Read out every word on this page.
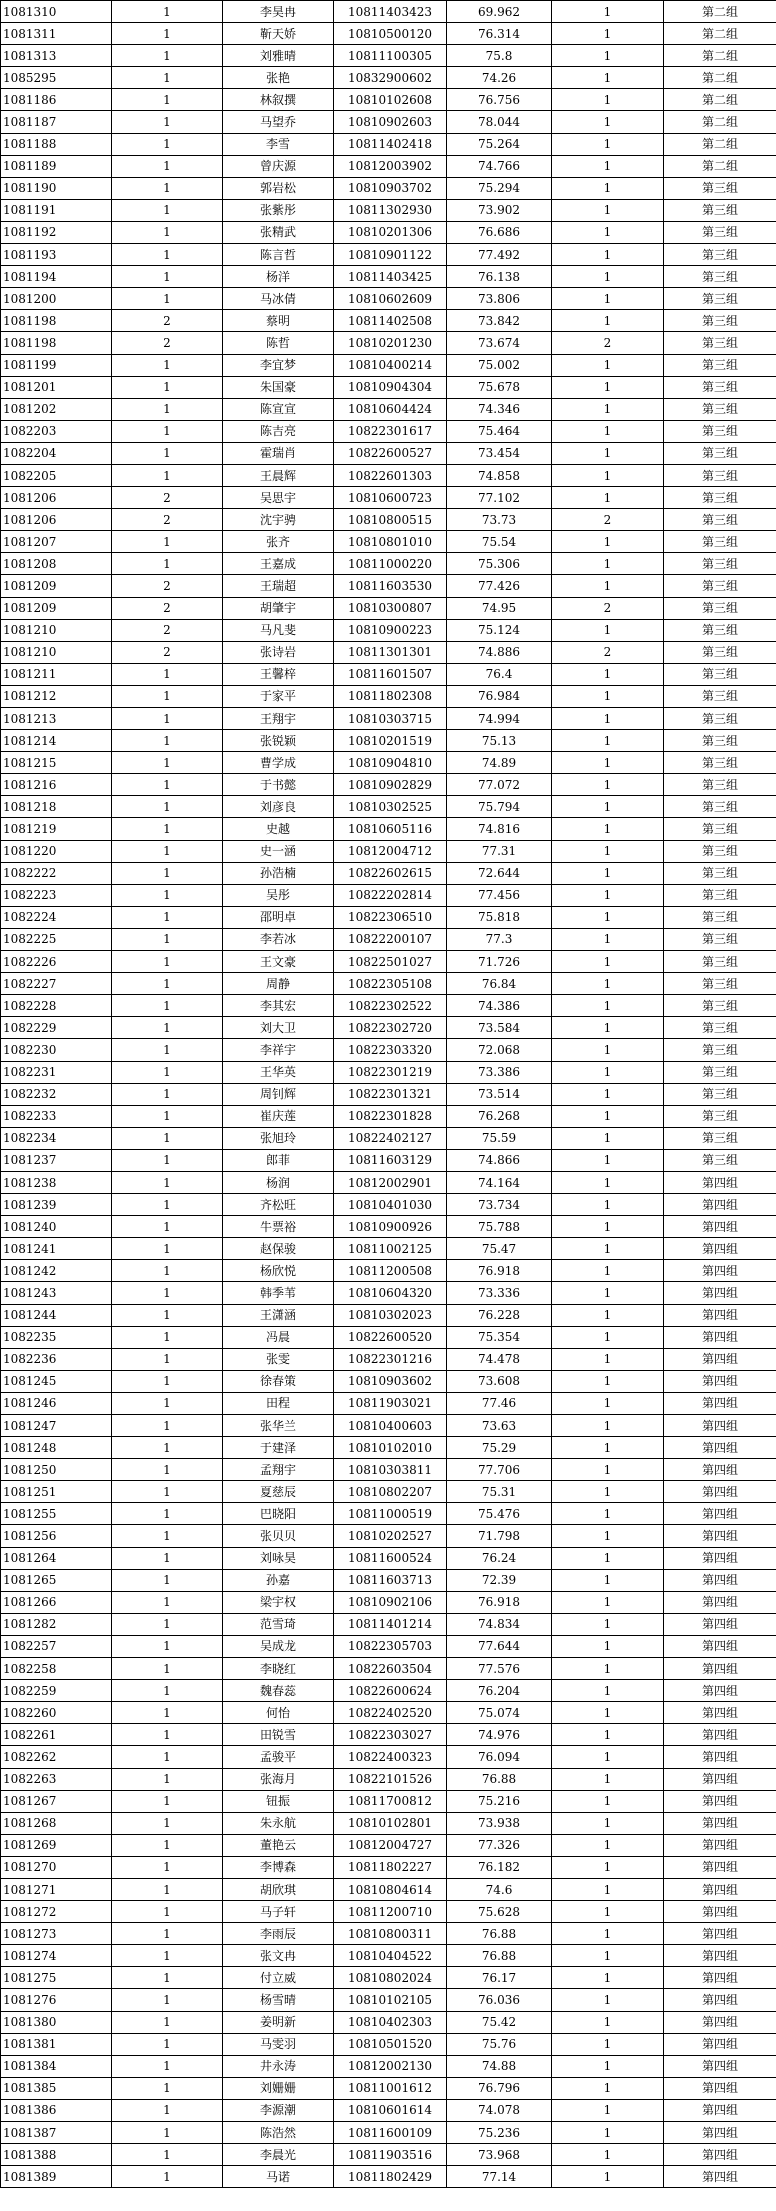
1081310	1	李昊冉	10811403423	69.962	1	第二组
1081311	1	靳天娇	10810500120	76.314	1	第二组
1081313	1	刘雅晴	10811100305	75.8	1	第二组
1085295	1	张艳	10832900602	74.26	1	第二组
1081186	1	林叙撰	10810102608	76.756	1	第二组
1081187	1	马望乔	10810902603	78.044	1	第二组
1081188	1	李雪	10811402418	75.264	1	第二组
1081189	1	曾庆源	10812003902	74.766	1	第二组
1081190	1	郭岩松	10810903702	75.294	1	第三组
1081191	1	张紫彤	10811302930	73.902	1	第三组
1081192	1	张精武	10810201306	76.686	1	第三组
1081193	1	陈言哲	10810901122	77.492	1	第三组
1081194	1	杨洋	10811403425	76.138	1	第三组
1081200	1	马冰倩	10810602609	73.806	1	第三组
1081198	2	蔡明	10811402508	73.842	1	第三组
1081198	2	陈哲	10810201230	73.674	2	第三组
1081199	1	李宜梦	10810400214	75.002	1	第三组
1081201	1	朱国豪	10810904304	75.678	1	第三组
1081202	1	陈宣宣	10810604424	74.346	1	第三组
1082203	1	陈吉亮	10822301617	75.464	1	第三组
1082204	1	霍瑞肖	10822600527	73.454	1	第三组
1082205	1	王晨辉	10822601303	74.858	1	第三组
1081206	2	吴思宇	10810600723	77.102	1	第三组
1081206	2	沈宇骋	10810800515	73.73	2	第三组
1081207	1	张齐	10810801010	75.54	1	第三组
1081208	1	王嘉成	10811000220	75.306	1	第三组
1081209	2	王瑞超	10811603530	77.426	1	第三组
1081209	2	胡肇宇	10810300807	74.95	2	第三组
1081210	2	马凡斐	10810900223	75.124	1	第三组
1081210	2	张诗岩	10811301301	74.886	2	第三组
1081211	1	王馨梓	10811601507	76.4	1	第三组
1081212	1	于家平	10811802308	76.984	1	第三组
1081213	1	王翔宇	10810303715	74.994	1	第三组
1081214	1	张锐颖	10810201519	75.13	1	第三组
1081215	1	曹学成	10810904810	74.89	1	第三组
1081216	1	于书懿	10810902829	77.072	1	第三组
1081218	1	刘彦良	10810302525	75.794	1	第三组
1081219	1	史越	10810605116	74.816	1	第三组
1081220	1	史一涵	10812004712	77.31	1	第三组
1082222	1	孙浩楠	10822602615	72.644	1	第三组
1082223	1	吴彤	10822202814	77.456	1	第三组
1082224	1	邵明卓	10822306510	75.818	1	第三组
1082225	1	李若冰	10822200107	77.3	1	第三组
1082226	1	王文豪	10822501027	71.726	1	第三组
1082227	1	周静	10822305108	76.84	1	第三组
1082228	1	李其宏	10822302522	74.386	1	第三组
1082229	1	刘大卫	10822302720	73.584	1	第三组
1082230	1	李祥宇	10822303320	72.068	1	第三组
1082231	1	王华英	10822301219	73.386	1	第三组
1082232	1	周钊辉	10822301321	73.514	1	第三组
1082233	1	崔庆莲	10822301828	76.268	1	第三组
1082234	1	张旭玲	10822402127	75.59	1	第三组
1081237	1	郎菲	10811603129	74.866	1	第三组
1081238	1	杨润	10812002901	74.164	1	第四组
1081239	1	齐松旺	10810401030	73.734	1	第四组
1081240	1	牛票裕	10810900926	75.788	1	第四组
1081241	1	赵保骏	10811002125	75.47	1	第四组
1081242	1	杨欣悦	10811200508	76.918	1	第四组
1081243	1	韩季苇	10810604320	73.336	1	第四组
1081244	1	王潇涵	10810302023	76.228	1	第四组
1082235	1	冯晨	10822600520	75.354	1	第四组
1082236	1	张雯	10822301216	74.478	1	第四组
1081245	1	徐春策	10810903602	73.608	1	第四组
1081246	1	田程	10811903021	77.46	1	第四组
1081247	1	张华兰	10810400603	73.63	1	第四组
1081248	1	于建泽	10810102010	75.29	1	第四组
1081250	1	孟翔宇	10810303811	77.706	1	第四组
1081251	1	夏慈辰	10810802207	75.31	1	第四组
1081255	1	巴晓阳	10811000519	75.476	1	第四组
1081256	1	张贝贝	10810202527	71.798	1	第四组
1081264	1	刘咏昊	10811600524	76.24	1	第四组
1081265	1	孙嘉	10811603713	72.39	1	第四组
1081266	1	梁宇权	10810902106	76.918	1	第四组
1081282	1	范雪琦	10811401214	74.834	1	第四组
1082257	1	吴成龙	10822305703	77.644	1	第四组
1082258	1	李晓红	10822603504	77.576	1	第四组
1082259	1	魏春蕊	10822600624	76.204	1	第四组
1082260	1	何怡	10822402520	75.074	1	第四组
1082261	1	田锐雪	10822303027	74.976	1	第四组
1082262	1	孟骏平	10822400323	76.094	1	第四组
1082263	1	张海月	10822101526	76.88	1	第四组
1081267	1	钮振	10811700812	75.216	1	第四组
1081268	1	朱永航	10810102801	73.938	1	第四组
1081269	1	董艳云	10812004727	77.326	1	第四组
1081270	1	李博森	10811802227	76.182	1	第四组
1081271	1	胡欣琪	10810804614	74.6	1	第四组
1081272	1	马子轩	10811200710	75.628	1	第四组
1081273	1	李雨辰	10810800311	76.88	1	第四组
1081274	1	张文冉	10810404522	76.88	1	第四组
1081275	1	付立威	10810802024	76.17	1	第四组
1081276	1	杨雪晴	10810102105	76.036	1	第四组
1081380	1	姜明新	10810402303	75.42	1	第四组
1081381	1	马雯羽	10810501520	75.76	1	第四组
1081384	1	井永涛	10812002130	74.88	1	第四组
1081385	1	刘姗姗	10811001612	76.796	1	第四组
1081386	1	李源潮	10810601614	74.078	1	第四组
1081387	1	陈浩然	10811600109	75.236	1	第四组
1081388	1	李晨光	10811903516	73.968	1	第四组
1081389	1	马诺	10811802429	77.14	1	第四组
